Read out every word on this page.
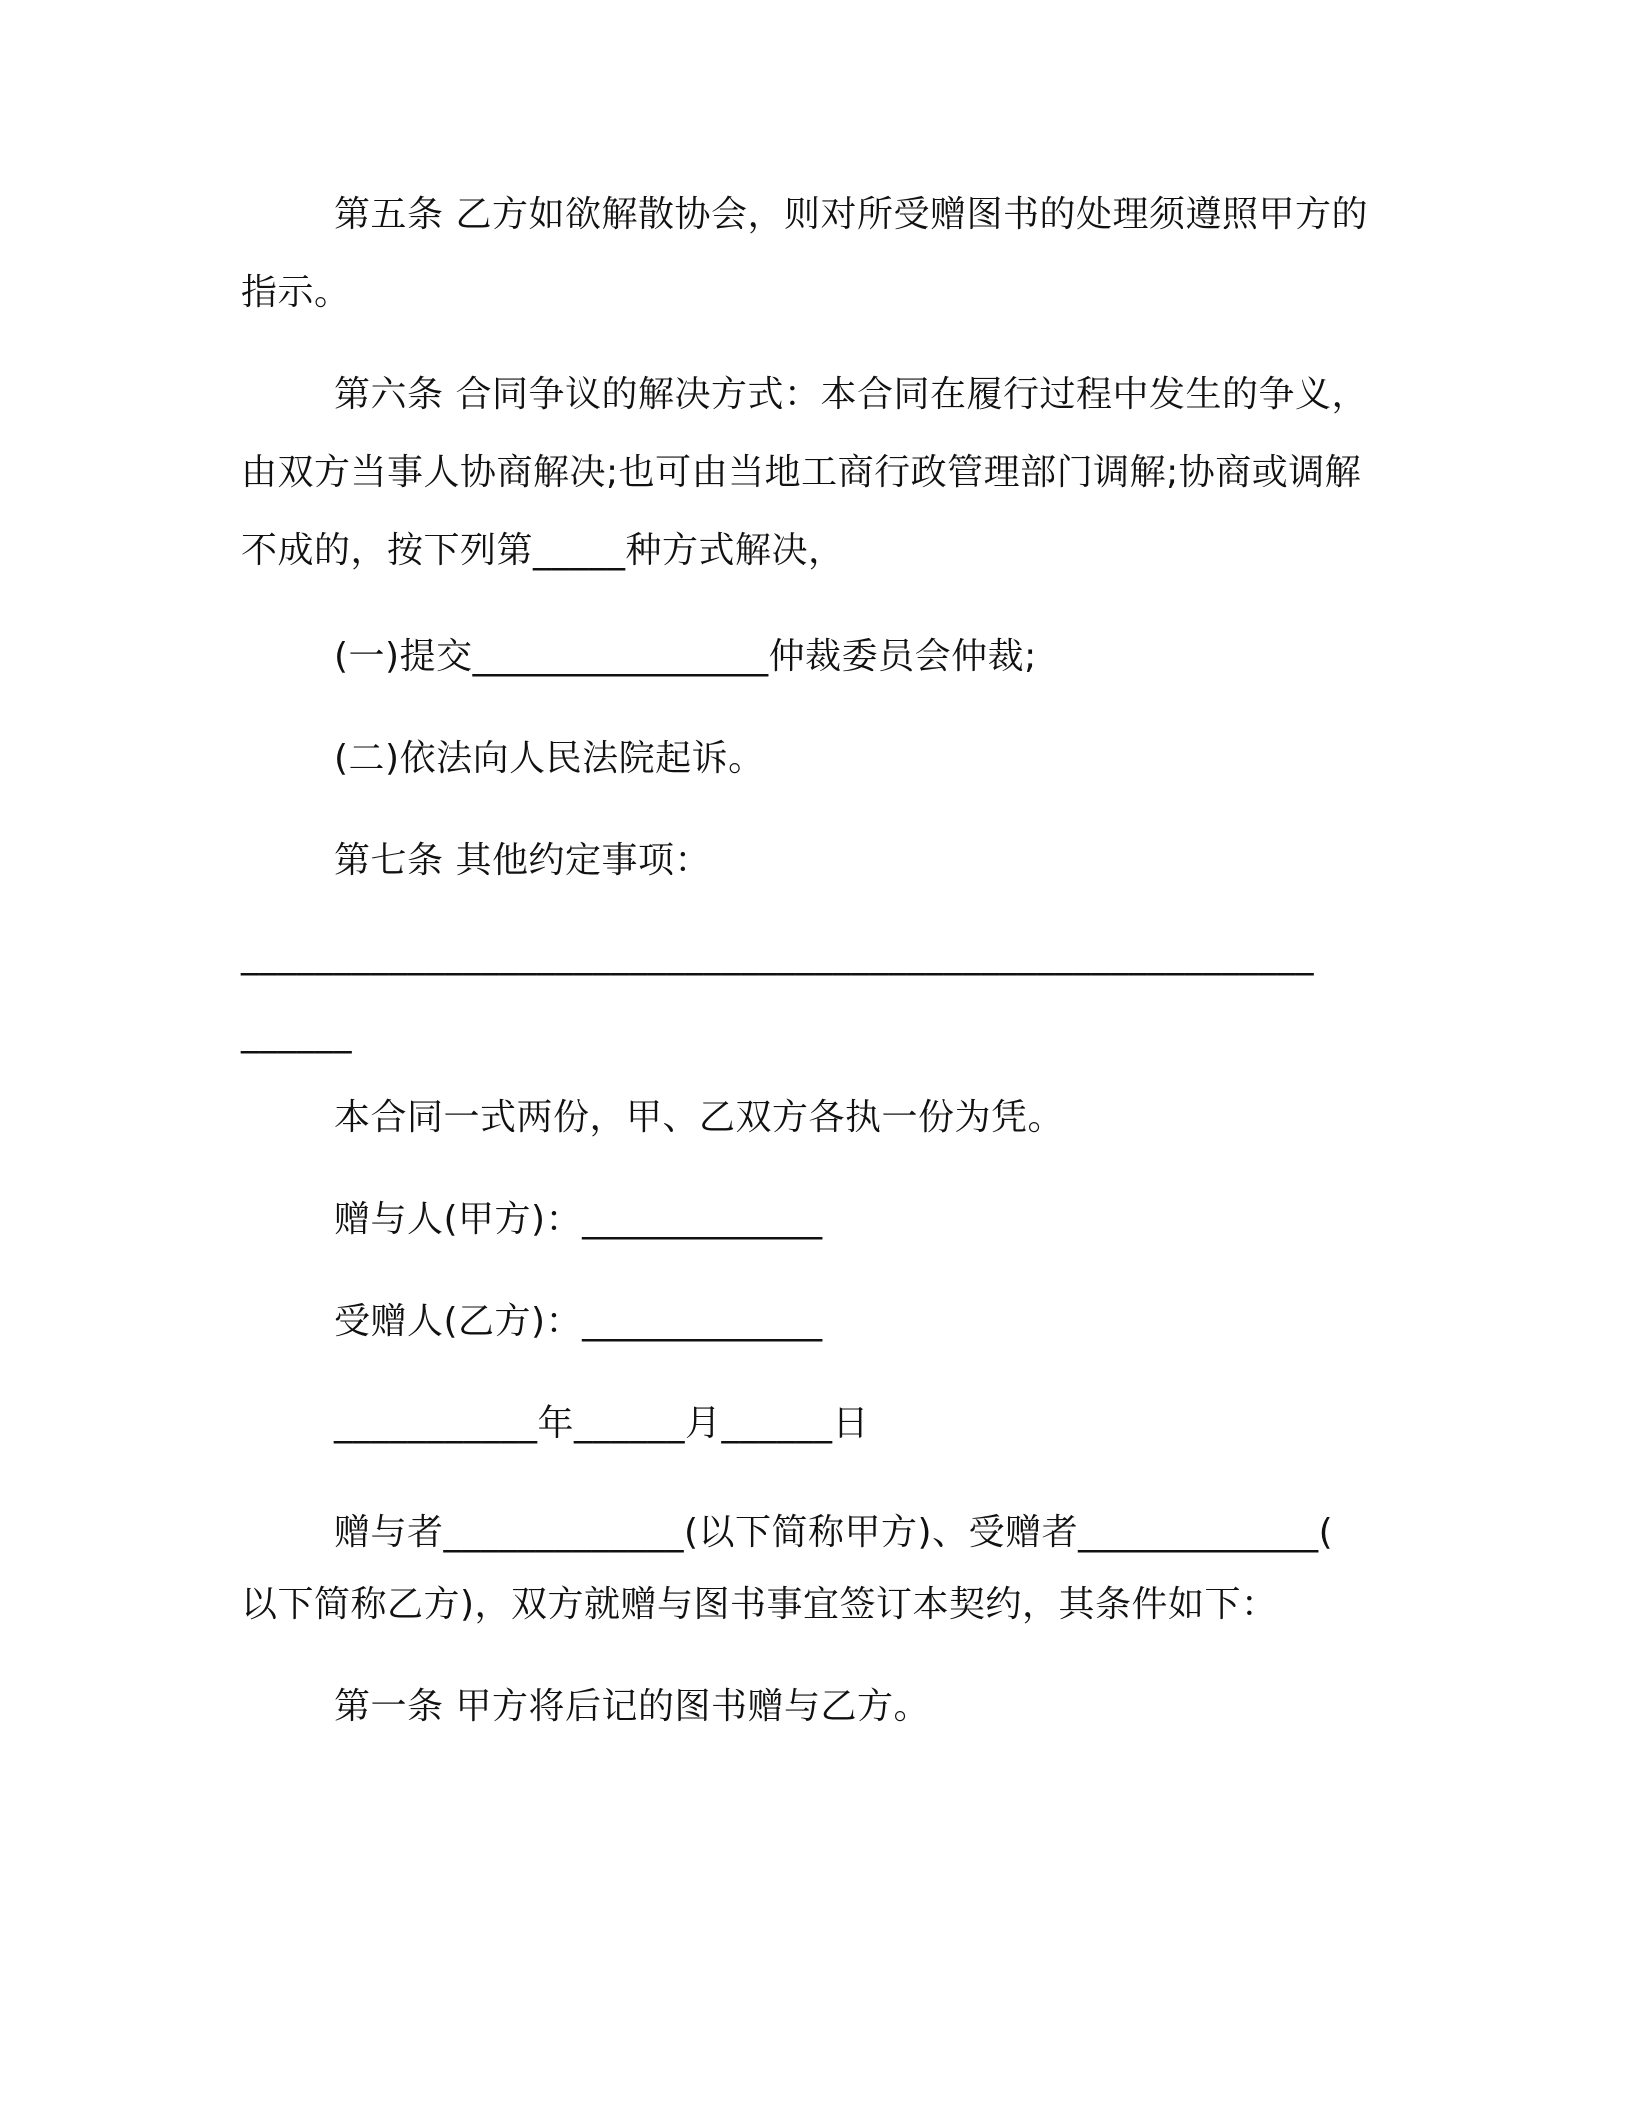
第五条 乙方如欲解散协会，则对所受赠图书的处理须遵照甲方的
指示。
第六条 合同争议的解决方式：本合同在履行过程中发生的争义，
由双方当事人协商解决;也可由当地工商行政管理部门调解;协商或调解
不成的，按下列第_____种方式解决，
(一)提交________________仲裁委员会仲裁;
(二)依法向人民法院起诉。
第七条 其他约定事项：
__________________________________________________________
______
本合同一式两份，甲、乙双方各执一份为凭。
赠与人(甲方)：_____________
受赠人(乙方)：_____________
___________年______月______日
赠与者_____________(以下简称甲方)、受赠者_____________(
以下简称乙方)，双方就赠与图书事宜签订本契约，其条件如下：
第一条 甲方将后记的图书赠与乙方。
